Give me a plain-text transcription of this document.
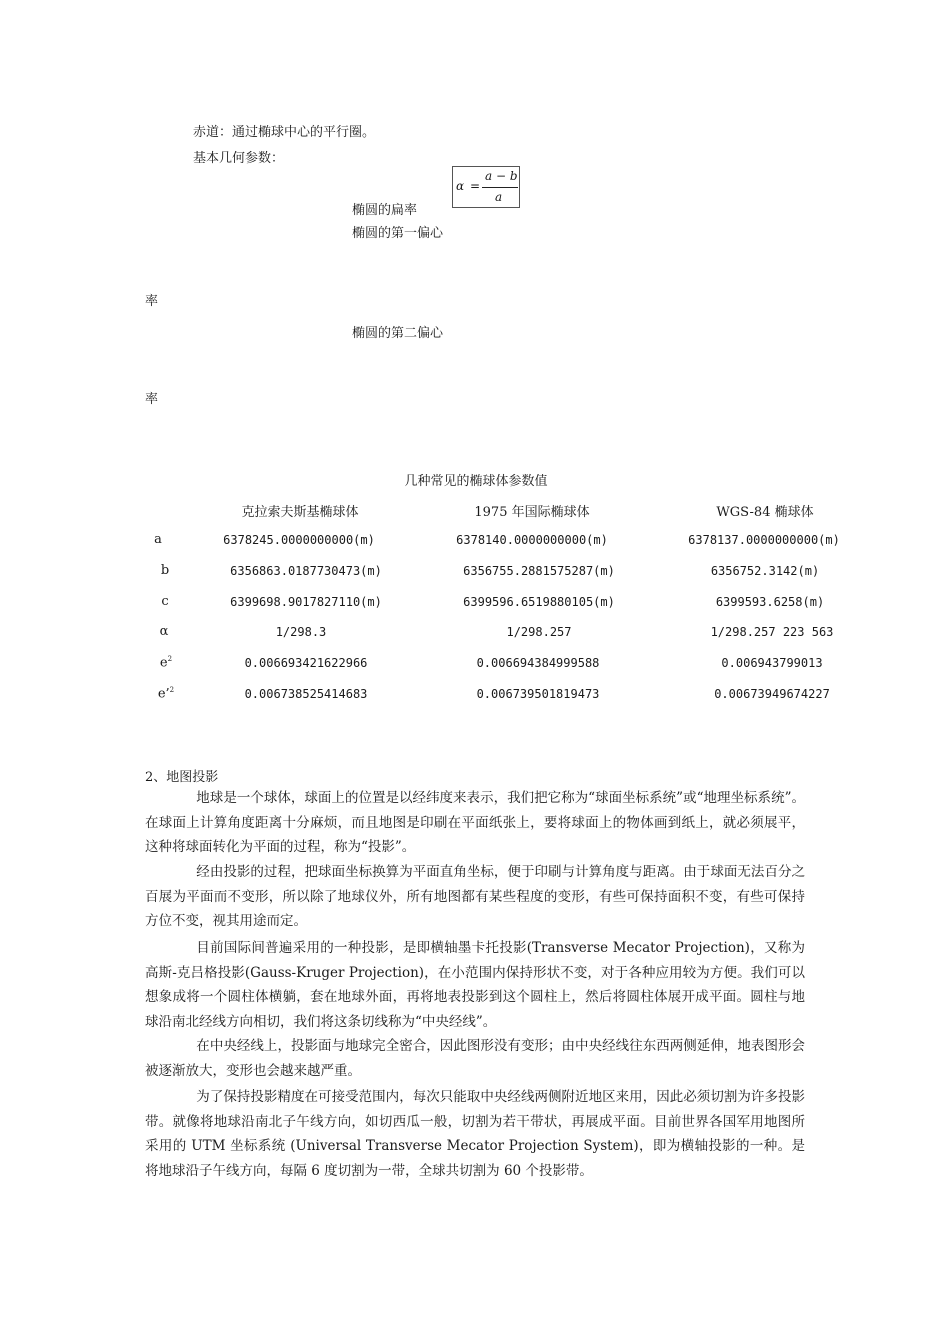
赤道：通过椭球中心的平行圈。
基本几何参数：
α =
a − b
a
椭圆的扁率
椭圆的第一偏心
率
椭圆的第二偏心
率
几种常见的椭球体参数值
克拉索夫斯基椭球体	1975 年国际椭球体	WGS-84 椭球体
a	6378245.0000000000(m)	6378140.0000000000(m)	6378137.0000000000(m)
b	6356863.0187730473(m)	6356755.2881575287(m)	6356752.3142(m)
c	6399698.9017827110(m)	6399596.6519880105(m)	6399593.6258(m)
α	1/298.3	1/298.257	1/298.257 223 563
$e^2$	0.006693421622966	0.006694384999588	0.006943799013
e’$^2$	0.006738525414683	0.006739501819473	0.00673949674227
2、地图投影

地球是一个球体，球面上的位置是以经纬度来表示，我们把它称为“球面坐标系统”或“地理坐标系统”。在球面上计算角度距离十分麻烦，而且地图是印刷在平面纸张上，要将球面上的物体画到纸上，就必须展平，这种将球面转化为平面的过程，称为“投影”。

经由投影的过程，把球面坐标换算为平面直角坐标，便于印刷与计算角度与距离。由于球面无法百分之百展为平面而不变形，所以除了地球仪外，所有地图都有某些程度的变形，有些可保持面积不变，有些可保持方位不变，视其用途而定。

目前国际间普遍采用的一种投影，是即横轴墨卡托投影(Transverse Mecator Projection)，又称为高斯-克吕格投影(Gauss-Kruger Projection)，在小范围内保持形状不变，对于各种应用较为方便。我们可以想象成将一个圆柱体横躺，套在地球外面，再将地表投影到这个圆柱上，然后将圆柱体展开成平面。圆柱与地球沿南北经线方向相切，我们将这条切线称为“中央经线”。

在中央经线上，投影面与地球完全密合，因此图形没有变形；由中央经线往东西两侧延伸，地表图形会被逐渐放大，变形也会越来越严重。

为了保持投影精度在可接受范围内，每次只能取中央经线两侧附近地区来用，因此必须切割为许多投影带。就像将地球沿南北子午线方向，如切西瓜一般，切割为若干带状，再展成平面。目前世界各国军用地图所采用的 UTM 坐标系统 (Universal Transverse Mecator Projection System)，即为横轴投影的一种。是将地球沿子午线方向，每隔 6 度切割为一带，全球共切割为 60 个投影带。
